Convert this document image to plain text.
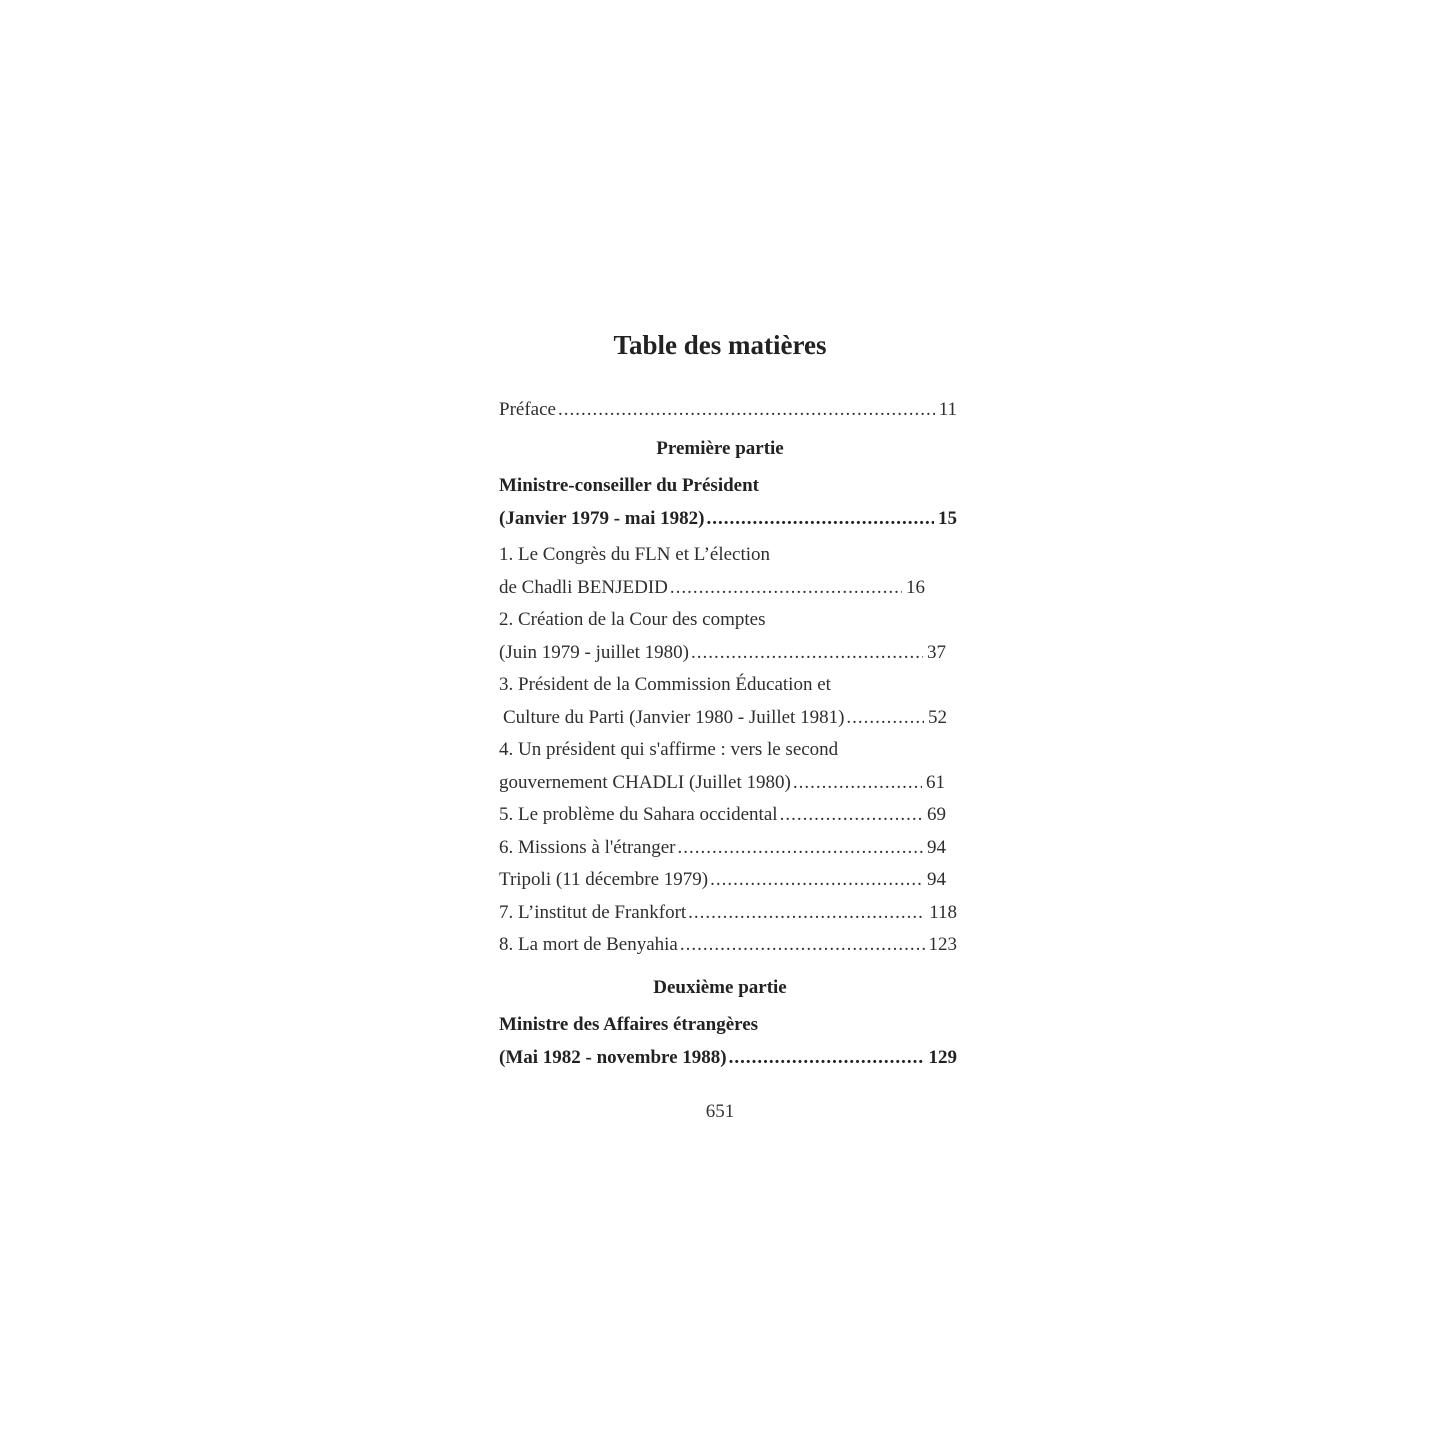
Table des matières
Préface .....	11
Première partie
Ministre-conseiller du Président
(Janvier 1979 - mai 1982) .....	15
1. Le Congrès du FLN et L’élection
de Chadli BENJEDID .....	16
2. Création de la Cour des comptes
(Juin 1979 - juillet 1980) .....	37
3. Président de la Commission Éducation et
Culture du Parti (Janvier 1980 - Juillet 1981) .....	52
4. Un président qui s'affirme : vers le second
gouvernement CHADLI (Juillet 1980) .....	61
5. Le problème du Sahara occidental .....	69
6. Missions à l'étranger .....	94
Tripoli (11 décembre 1979) .....	94
7. L’institut de Frankfort .....	118
8. La mort de Benyahia .....	123
Deuxième partie
Ministre des Affaires étrangères
(Mai 1982 - novembre 1988) .....	129
651
